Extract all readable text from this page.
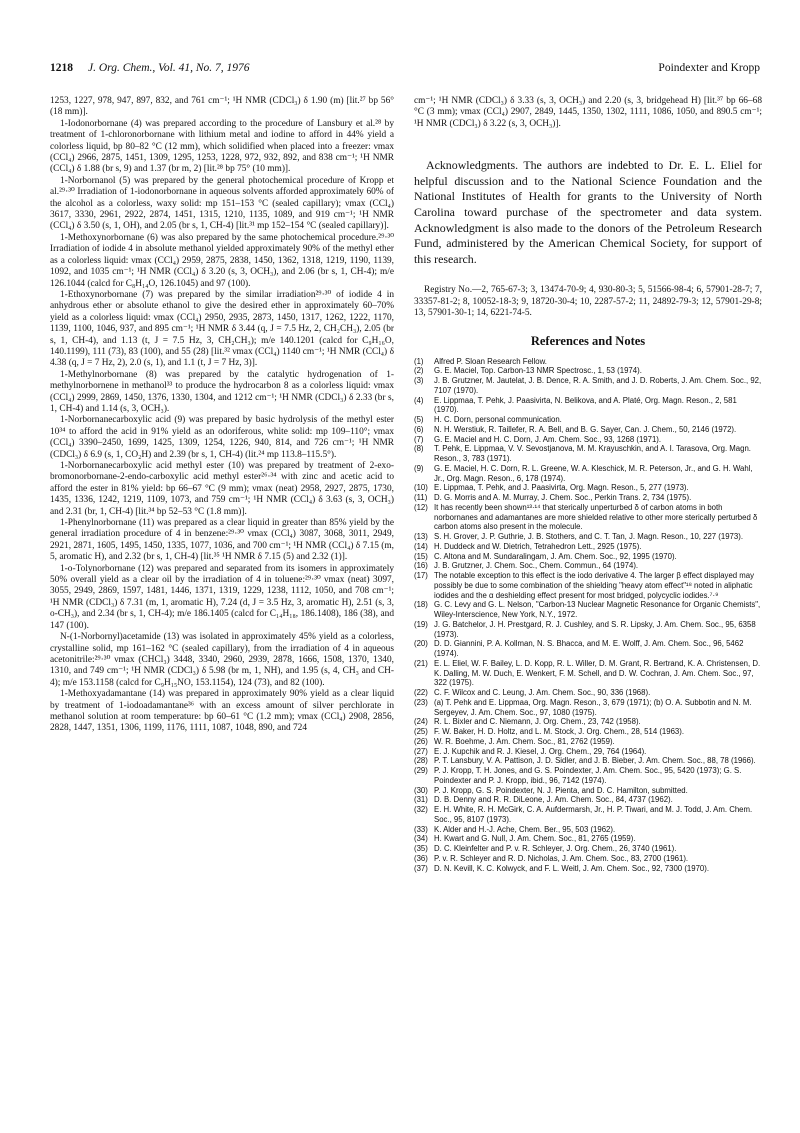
1218 J. Org. Chem., Vol. 41, No. 7, 1976	Poindexter and Kropp

1253, 1227, 978, 947, 897, 832, and 761 cm⁻¹; ¹H NMR (CDCl₃) δ 1.90 (m) [lit.²⁷ bp 56° (18 mm)].

1-Iodonorbornane (4) was prepared according to the procedure of Lansbury et al.²⁸ by treatment of 1-chloronorbornane with lithium metal and iodine to afford in 44% yield a colorless liquid, bp 80–82 °C (12 mm), which solidified when placed into a freezer: νmax (CCl₄) 2966, 2875, 1451, 1309, 1295, 1253, 1228, 972, 932, 892, and 838 cm⁻¹; ¹H NMR (CCl₄) δ 1.88 (br s, 9) and 1.37 (br m, 2) [lit.²⁸ bp 75° (10 mm)].

1-Norbornanol (5) was prepared by the general photochemical procedure of Kropp et al.²⁹·³⁰ Irradiation of 1-iodonorbornane in aqueous solvents afforded approximately 60% of the alcohol as a colorless, waxy solid: mp 151–153 °C (sealed capillary); νmax (CCl₄) 3617, 3330, 2961, 2922, 2874, 1451, 1315, 1210, 1135, 1089, and 919 cm⁻¹; ¹H NMR (CCl₄) δ 3.50 (s, 1, OH), and 2.05 (br s, 1, CH-4) [lit.³¹ mp 152–154 °C (sealed capillary)].

1-Methoxynorbornane (6) was also prepared by the same photochemical procedure.²⁹·³⁰ Irradiation of iodide 4 in absolute methanol yielded approximately 90% of the methyl ether as a colorless liquid: νmax (CCl₄) 2959, 2875, 2838, 1450, 1362, 1318, 1219, 1190, 1139, 1092, and 1035 cm⁻¹; ¹H NMR (CCl₄) δ 3.20 (s, 3, OCH₃), and 2.06 (br s, 1, CH-4); m/e 126.1044 (calcd for C₈H₁₄O, 126.1045) and 97 (100).

1-Ethoxynorbornane (7) was prepared by the similar irradiation²⁹·³⁰ of iodide 4 in anhydrous ether or absolute ethanol to give the desired ether in approximately 60–70% yield as a colorless liquid: νmax (CCl₄) 2950, 2935, 2873, 1450, 1317, 1262, 1222, 1170, 1139, 1100, 1046, 937, and 895 cm⁻¹; ¹H NMR δ 3.44 (q, J = 7.5 Hz, 2, CH₂CH₃), 2.05 (br s, 1, CH-4), and 1.13 (t, J = 7.5 Hz, 3, CH₂CH₃); m/e 140.1201 (calcd for C₉H₁₆O, 140.1199), 111 (73), 83 (100), and 55 (28) [lit.³² νmax (CCl₄) 1140 cm⁻¹; ¹H NMR (CCl₄) δ 4.38 (q, J = 7 Hz, 2), 2.0 (s, 1), and 1.1 (t, J = 7 Hz, 3)].

1-Methylnorbornane (8) was prepared by the catalytic hydrogenation of 1-methylnorbornene in methanol³³ to produce the hydrocarbon 8 as a colorless liquid: νmax (CCl₄) 2999, 2869, 1450, 1376, 1330, 1304, and 1212 cm⁻¹; ¹H NMR (CDCl₃) δ 2.33 (br s, 1, CH-4) and 1.14 (s, 3, OCH₃).

1-Norbornanecarboxylic acid (9) was prepared by basic hydrolysis of the methyl ester 10³⁴ to afford the acid in 91% yield as an odoriferous, white solid: mp 109–110°; νmax (CCl₄) 3390–2450, 1699, 1425, 1309, 1254, 1226, 940, 814, and 726 cm⁻¹; ¹H NMR (CDCl₃) δ 6.9 (s, 1, CO₂H) and 2.39 (br s, 1, CH-4) (lit.²⁴ mp 113.8–115.5°).

1-Norbornanecarboxylic acid methyl ester (10) was prepared by treatment of 2-exo-bromonorbornane-2-endo-carboxylic acid methyl ester²⁶·³⁴ with zinc and acetic acid to afford the ester in 81% yield: bp 66–67 °C (9 mm); νmax (neat) 2958, 2927, 2875, 1730, 1435, 1336, 1242, 1219, 1109, 1073, and 759 cm⁻¹; ¹H NMR (CCl₄) δ 3.63 (s, 3, OCH₃) and 2.31 (br, 1, CH-4) [lit.³⁴ bp 52–53 °C (1.8 mm)].

1-Phenylnorbornane (11) was prepared as a clear liquid in greater than 85% yield by the general irradiation procedure of 4 in benzene:²⁹·³⁰ νmax (CCl₄) 3087, 3068, 3011, 2949, 2921, 2871, 1605, 1495, 1450, 1335, 1077, 1036, and 700 cm⁻¹; ¹H NMR (CCl₄) δ 7.15 (m, 5, aromatic H), and 2.32 (br s, 1, CH-4) [lit.³⁵ ¹H NMR δ 7.15 (5) and 2.32 (1)].

1-o-Tolynorbornane (12) was prepared and separated from its isomers in approximately 50% overall yield as a clear oil by the irradiation of 4 in toluene:²⁹·³⁰ νmax (neat) 3097, 3055, 2949, 2869, 1597, 1481, 1446, 1371, 1319, 1229, 1238, 1112, 1050, and 708 cm⁻¹; ¹H NMR (CDCl₃) δ 7.31 (m, 1, aromatic H), 7.24 (d, J = 3.5 Hz, 3, aromatic H), 2.51 (s, 3, o-CH₃), and 2.34 (br s, 1, CH-4); m/e 186.1405 (calcd for C₁₄H₁₈, 186.1408), 186 (38), and 147 (100).

N-(1-Norbornyl)acetamide (13) was isolated in approximately 45% yield as a colorless, crystalline solid, mp 161–162 °C (sealed capillary), from the irradiation of 4 in aqueous acetonitrile:²⁹·³⁰ νmax (CHCl₃) 3448, 3340, 2960, 2939, 2878, 1666, 1508, 1370, 1340, 1310, and 749 cm⁻¹; ¹H NMR (CDCl₃) δ 5.98 (br m, 1, NH), and 1.95 (s, 4, CH₃ and CH-4); m/e 153.1158 (calcd for C₉H₁₅NO, 153.1154), 124 (73), and 82 (100).

1-Methoxyadamantane (14) was prepared in approximately 90% yield as a clear liquid by treatment of 1-iodoadamantane³⁶ with an excess amount of silver perchlorate in methanol solution at room temperature: bp 60–61 °C (1.2 mm); νmax (CCl₄) 2908, 2856, 2828, 1447, 1351, 1306, 1199, 1176, 1111, 1087, 1048, 890, and 724

cm⁻¹; ¹H NMR (CDCl₃) δ 3.33 (s, 3, OCH₃) and 2.20 (s, 3, bridgehead H) [lit.³⁷ bp 66–68 °C (3 mm); νmax (CCl₄) 2907, 2849, 1445, 1350, 1302, 1111, 1086, 1050, and 890.5 cm⁻¹; ¹H NMR (CDCl₃) δ 3.22 (s, 3, OCH₃)].

Acknowledgments. The authors are indebted to Dr. E. L. Eliel for helpful discussion and to the National Science Foundation and the National Institutes of Health for grants to the University of North Carolina toward purchase of the spectrometer and data system. Acknowledgment is also made to the donors of the Petroleum Research Fund, administered by the American Chemical Society, for support of this research.

Registry No.—2, 765-67-3; 3, 13474-70-9; 4, 930-80-3; 5, 51566-98-4; 6, 57901-28-7; 7, 33357-81-2; 8, 10052-18-3; 9, 18720-30-4; 10, 2287-57-2; 11, 24892-79-3; 12, 57901-29-8; 13, 57901-30-1; 14, 6221-74-5.

References and Notes
(1)	Alfred P. Sloan Research Fellow.
(2)	G. E. Maciel, Top. Carbon-13 NMR Spectrosc., 1, 53 (1974).
(3)	J. B. Grutzner, M. Jautelat, J. B. Dence, R. A. Smith, and J. D. Roberts, J. Am. Chem. Soc., 92, 7107 (1970).
(4)	E. Lippmaa, T. Pehk, J. Paasivirta, N. Belikova, and A. Platé, Org. Magn. Reson., 2, 581 (1970).
(5)	H. C. Dorn, personal communication.
(6)	N. H. Werstiuk, R. Taillefer, R. A. Bell, and B. G. Sayer, Can. J. Chem., 50, 2146 (1972).
(7)	G. E. Maciel and H. C. Dorn, J. Am. Chem. Soc., 93, 1268 (1971).
(8)	T. Pehk, E. Lippmaa, V. V. Sevostjanova, M. M. Krayuschkin, and A. I. Tarasova, Org. Magn. Reson., 3, 783 (1971).
(9)	G. E. Maciel, H. C. Dorn, R. L. Greene, W. A. Kleschick, M. R. Peterson, Jr., and G. H. Wahl, Jr., Org. Magn. Reson., 6, 178 (1974).
(10) E. Lippmaa, T. Pehk, and J. Paasivirta, Org. Magn. Reson., 5, 277 (1973).
(11) D. G. Morris and A. M. Murray, J. Chem. Soc., Perkin Trans. 2, 734 (1975).
(12) It has recently been shown¹³·¹⁴ that sterically unperturbed δ of carbon atoms in both norbornanes and adamantanes are more shielded relative to other more sterically perturbed δ carbon atoms also present in the molecule.
(13) S. H. Grover, J. P. Guthrie, J. B. Stothers, and C. T. Tan, J. Magn. Reson., 10, 227 (1973).
(14) H. Duddeck and W. Dietrich, Tetrahedron Lett., 2925 (1975).
(15) C. Altona and M. Sundaralingam, J. Am. Chem. Soc., 92, 1995 (1970).
(16) J. B. Grutzner, J. Chem. Soc., Chem. Commun., 64 (1974).
(17) The notable exception to this effect is the iodo derivative 4. The larger β effect displayed may possibly be due to some combination of the shielding "heavy atom effect"¹⁸ noted in aliphatic iodides and the α deshielding effect present for most bridged, polycyclic iodides.⁷·⁹
(18) G. C. Levy and G. L. Nelson, "Carbon-13 Nuclear Magnetic Resonance for Organic Chemists", Wiley-Interscience, New York, N.Y., 1972.
(19) J. G. Batchelor, J. H. Prestgard, R. J. Cushley, and S. R. Lipsky, J. Am. Chem. Soc., 95, 6358 (1973).
(20) D. D. Giannini, P. A. Kollman, N. S. Bhacca, and M. E. Wolff, J. Am. Chem. Soc., 96, 5462 (1974).
(21) E. L. Eliel, W. F. Bailey, L. D. Kopp, R. L. Willer, D. M. Grant, R. Bertrand, K. A. Christensen, D. K. Dalling, M. W. Duch, E. Wenkert, F. M. Schell, and D. W. Cochran, J. Am. Chem. Soc., 97, 322 (1975).
(22) C. F. Wilcox and C. Leung, J. Am. Chem. Soc., 90, 336 (1968).
(23) (a) T. Pehk and E. Lippmaa, Org. Magn. Reson., 3, 679 (1971); (b) O. A. Subbotin and N. M. Sergeyev, J. Am. Chem. Soc., 97, 1080 (1975).
(24) R. L. Bixler and C. Niemann, J. Org. Chem., 23, 742 (1958).
(25) F. W. Baker, H. D. Holtz, and L. M. Stock, J. Org. Chem., 28, 514 (1963).
(26) W. R. Boehme, J. Am. Chem. Soc., 81, 2762 (1959).
(27) E. J. Kupchik and R. J. Kiesel, J. Org. Chem., 29, 764 (1964).
(28) P. T. Lansbury, V. A. Pattison, J. D. Sidler, and J. B. Bieber, J. Am. Chem. Soc., 88, 78 (1966).
(29) P. J. Kropp, T. H. Jones, and G. S. Poindexter, J. Am. Chem. Soc., 95, 5420 (1973); G. S. Poindexter and P. J. Kropp, ibid., 96, 7142 (1974).
(30) P. J. Kropp, G. S. Poindexter, N. J. Pienta, and D. C. Hamilton, submitted.
(31) D. B. Denny and R. R. DiLeone, J. Am. Chem. Soc., 84, 4737 (1962).
(32) E. H. White, R. H. McGirk, C. A. Aufdermarsh, Jr., H. P. Tiwari, and M. J. Todd, J. Am. Chem. Soc., 95, 8107 (1973).
(33) K. Alder and H.-J. Ache, Chem. Ber., 95, 503 (1962).
(34) H. Kwart and G. Null, J. Am. Chem. Soc., 81, 2765 (1959).
(35) D. C. Kleinfelter and P. v. R. Schleyer, J. Org. Chem., 26, 3740 (1961).
(36) P. v. R. Schleyer and R. D. Nicholas, J. Am. Chem. Soc., 83, 2700 (1961).
(37) D. N. Kevill, K. C. Kolwyck, and F. L. Weitl, J. Am. Chem. Soc., 92, 7300 (1970).
